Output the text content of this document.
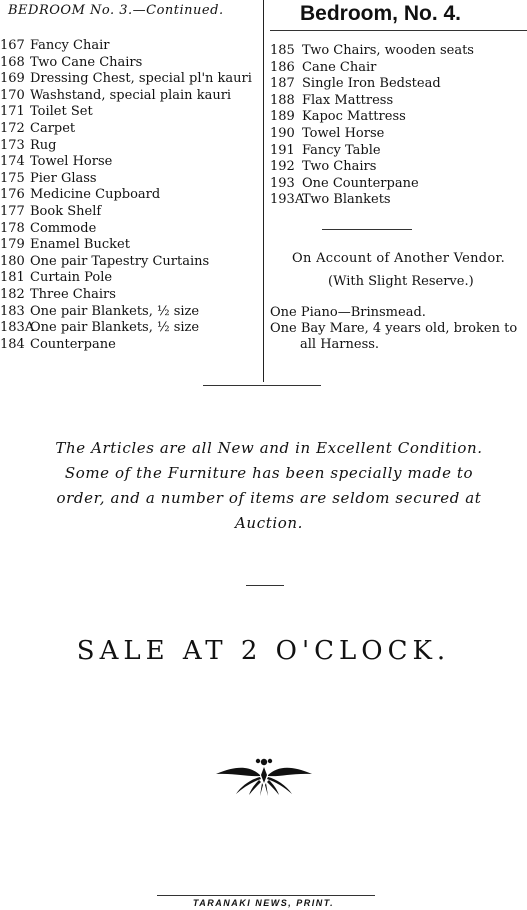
BEDROOM No. 3.—Continued.
167 Fancy Chair
168 Two Cane Chairs
169 Dressing Chest, special pl'n kauri
170 Washstand, special plain kauri
171 Toilet Set
172 Carpet
173 Rug
174 Towel Horse
175 Pier Glass
176 Medicine Cupboard
177 Book Shelf
178 Commode
179 Enamel Bucket
180 One pair Tapestry Curtains
181 Curtain Pole
182 Three Chairs
183 One pair Blankets, ½ size
183A
One pair Blankets, ½ size
184 Counterpane
Bedroom, No. 4.
185 Two Chairs, wooden seats
186 Cane Chair
187 Single Iron Bedstead
188 Flax Mattress
189 Kapoc Mattress
190 Towel Horse
191 Fancy Table
192 Two Chairs
193 One Counterpane
193A
Two Blankets
On Account of Another Vendor.
(With Slight Reserve.)
One Piano—Brinsmead.
One Bay Mare, 4 years old, broken to
all Harness.
The Articles are all New and in Excellent Condition. Some of the Furniture has been specially made to order, and a number of items are seldom secured at Auction.
SALE AT 2 O'CLOCK.
TARANAKI NEWS, PRINT.
